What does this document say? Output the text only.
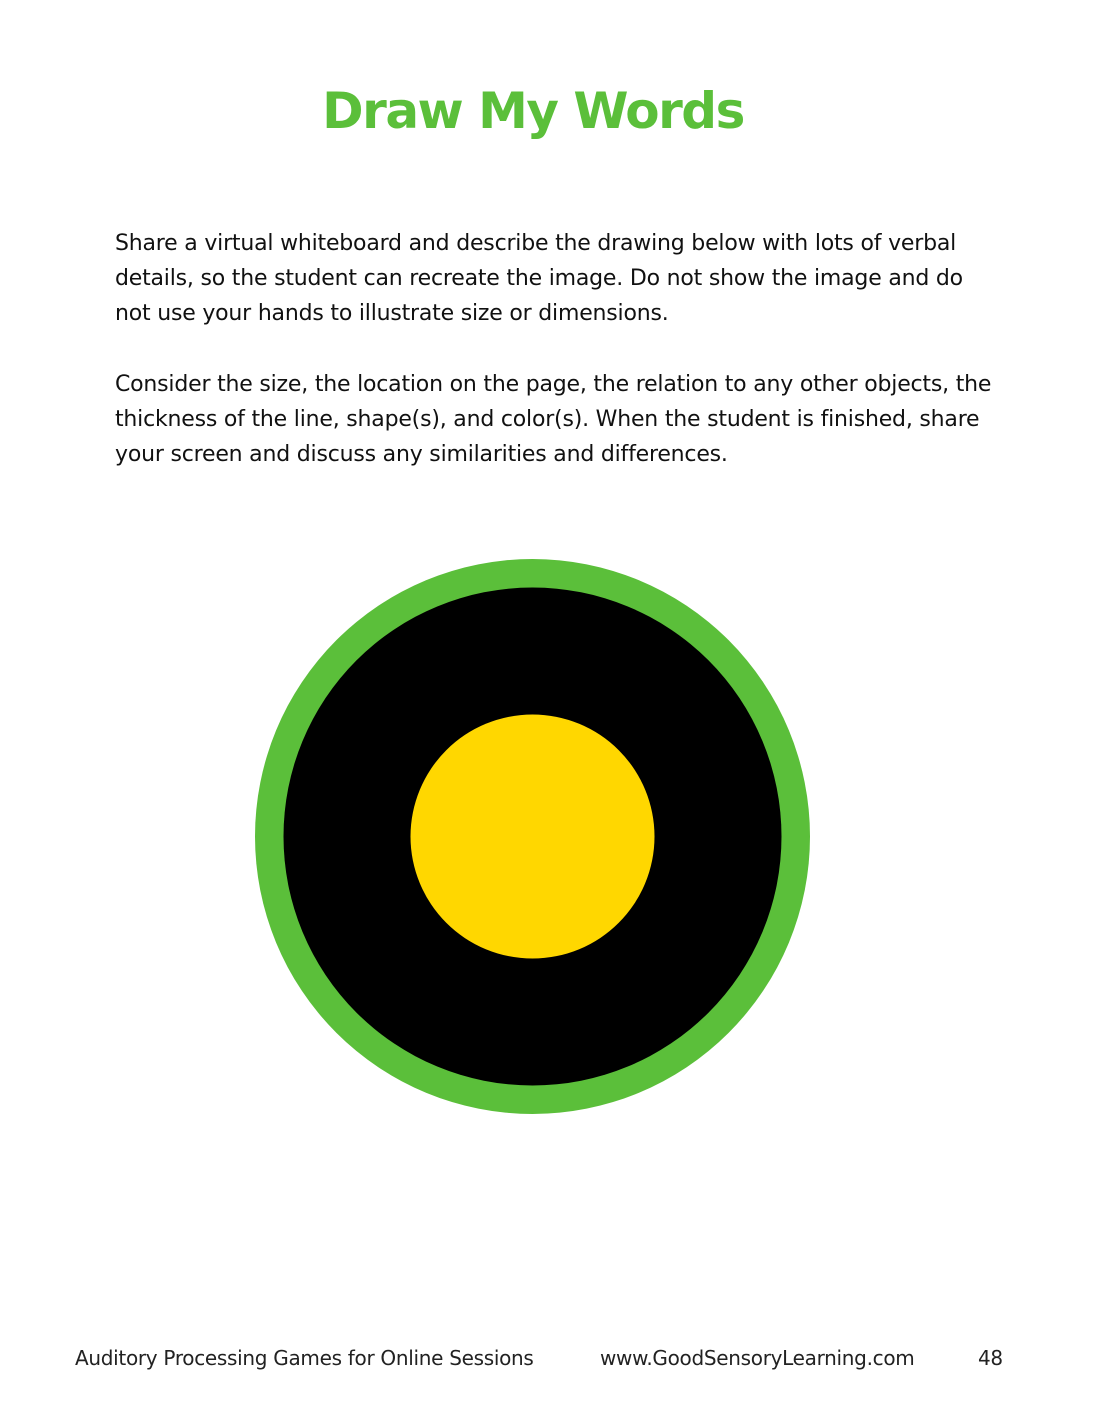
Draw My Words

Share a virtual whiteboard and describe the drawing below with lots of verbal details, so the student can recreate the image. Do not show the image and do not use your hands to illustrate size or dimensions.

Consider the size, the location on the page, the relation to any other objects, the thickness of the line, shape(s), and color(s). When the student is finished, share your screen and discuss any similarities and differences.

Auditory Processing Games for Online Sessions	www.GoodSensoryLearning.com	48
